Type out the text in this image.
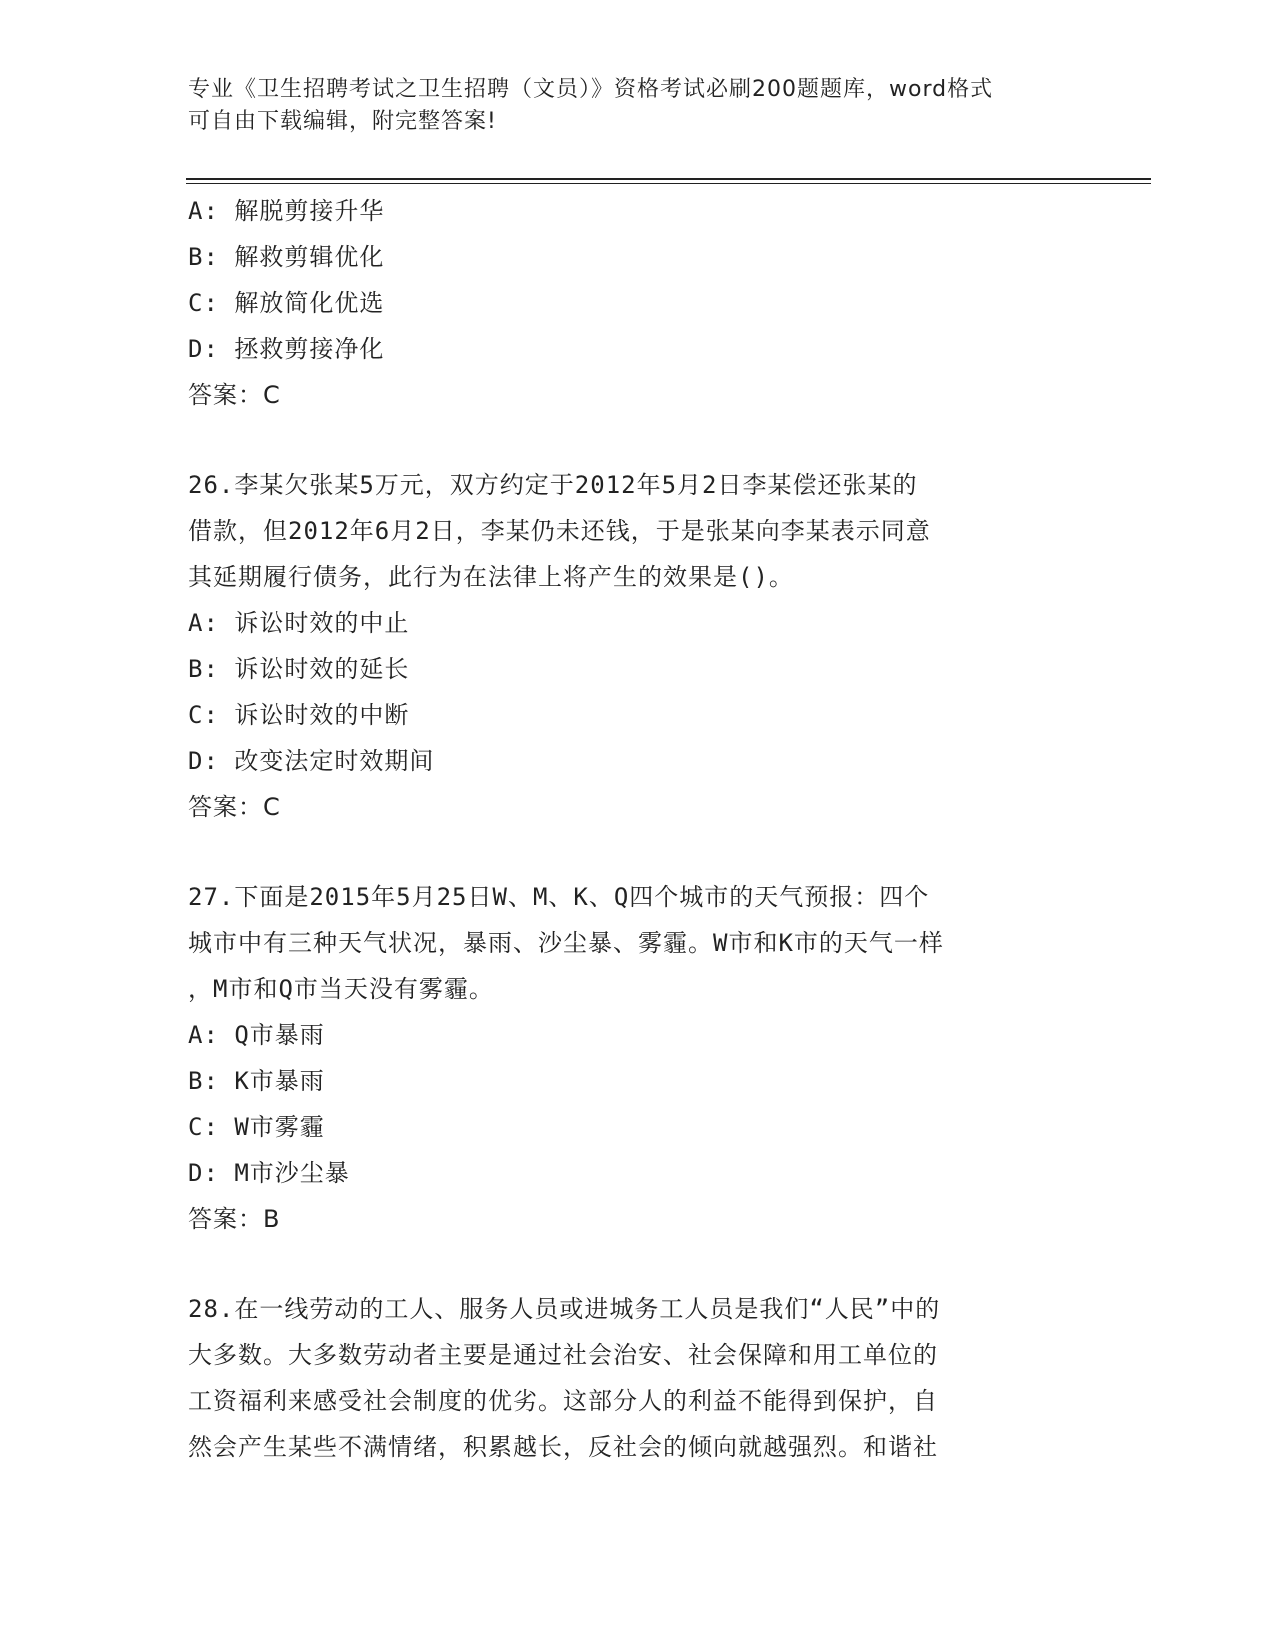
专业《卫生招聘考试之卫生招聘（文员）》资格考试必刷200题题库，word格式
可自由下载编辑，附完整答案!
A: 解脱剪接升华
B: 解救剪辑优化
C: 解放简化优选
D: 拯救剪接净化
答案：C
26.李某欠张某5万元，双方约定于2012年5月2日李某偿还张某的
借款，但2012年6月2日，李某仍未还钱，于是张某向李某表示同意
其延期履行债务，此行为在法律上将产生的效果是()。
A: 诉讼时效的中止
B: 诉讼时效的延长
C: 诉讼时效的中断
D: 改变法定时效期间
答案：C
27.下面是2015年5月25日W、M、K、Q四个城市的天气预报：四个
城市中有三种天气状况，暴雨、沙尘暴、雾霾。W市和K市的天气一样
，M市和Q市当天没有雾霾。
A: Q市暴雨
B: K市暴雨
C: W市雾霾
D: M市沙尘暴
答案：B
28.在一线劳动的工人、服务人员或进城务工人员是我们“人民”中的
大多数。大多数劳动者主要是通过社会治安、社会保障和用工单位的
工资福利来感受社会制度的优劣。这部分人的利益不能得到保护，自
然会产生某些不满情绪，积累越长，反社会的倾向就越强烈。和谐社
